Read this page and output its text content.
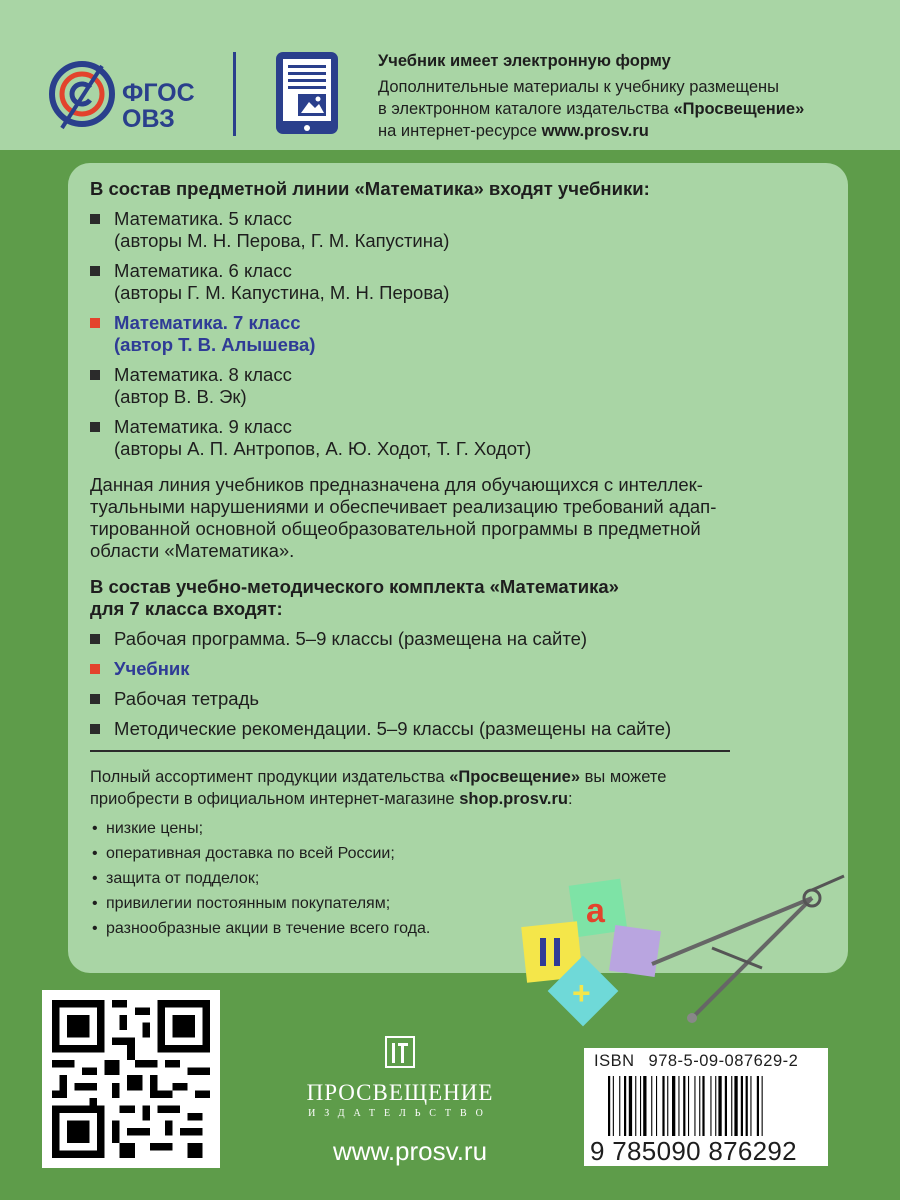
ФГОС
ОВЗ
Учебник имеет электронную форму
Дополнительные материалы к учебнику размещены
в электронном каталоге издательства «Просвещение»
на интернет-ресурсе www.prosv.ru
В состав предметной линии «Математика» входят учебники:
Математика. 5 класс
(авторы М. Н. Перова, Г. М. Капустина)
Математика. 6 класс
(авторы Г. М. Капустина, М. Н. Перова)
Математика. 7 класс
(автор Т. В. Алышева)
Математика. 8 класс
(автор В. В. Эк)
Математика. 9 класс
(авторы А. П. Антропов, А. Ю. Ходот, Т. Г. Ходот)
Данная линия учебников предназначена для обучающихся с интеллек-
туальными нарушениями и обеспечивает реализацию требований адап-
тированной основной общеобразовательной программы в предметной
области «Математика».
В состав учебно-методического комплекта «Математика»
для 7 класса входят:
Рабочая программа. 5–9 классы (размещена на сайте)
Учебник
Рабочая тетрадь
Методические рекомендации. 5–9 классы (размещены на сайте)
Полный ассортимент продукции издательства «Просвещение» вы можете
приобрести в официальном интернет-магазине shop.prosv.ru:
• низкие цены;
• оперативная доставка по всей России;
• защита от подделок;
• привилегии постоянным покупателям;
• разнообразные акции в течение всего года.	а
+
ПРОСВЕЩЕНИЕ
ИЗДАТЕЛЬСТВО
www.prosv.ru
ISBN 978-5-09-087629-2
9 785090 876292
